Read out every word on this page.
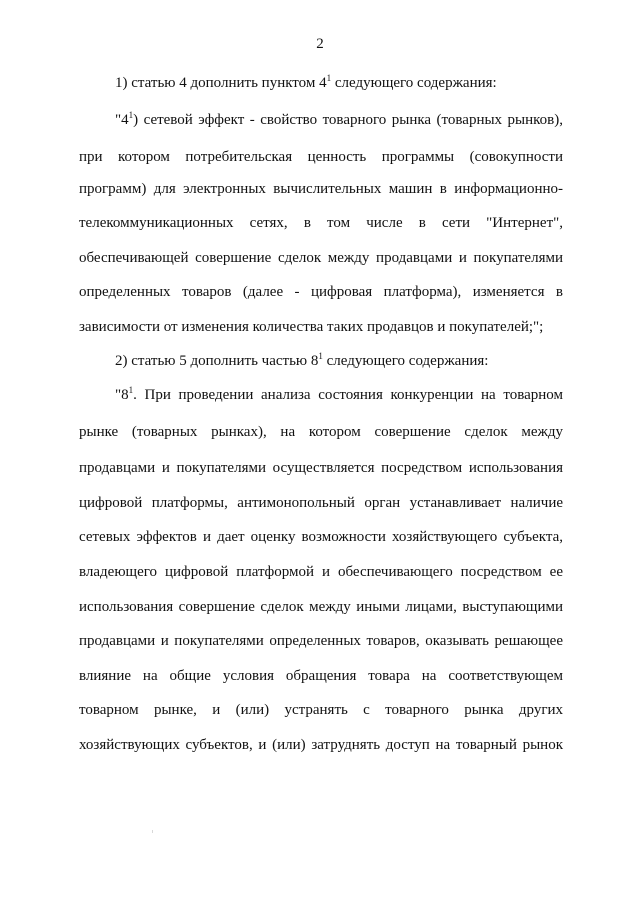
2
1) статью 4 дополнить пунктом $4^1$ следующего содержания:
"$4^1$) сетевой эффект - свойство товарного рынка (товарных рынков),
при котором потребительская ценность программы (совокупности
программ) для электронных вычислительных машин в информационно-
телекоммуникационных сетях, в том числе в сети "Интернет",
обеспечивающей совершение сделок между продавцами и покупателями
определенных товаров (далее - цифровая платформа), изменяется в
зависимости от изменения количества таких продавцов и покупателей;";
2) статью 5 дополнить частью $8^1$ следующего содержания:
"$8^1$. При проведении анализа состояния конкуренции на товарном
рынке (товарных рынках), на котором совершение сделок между
продавцами и покупателями осуществляется посредством использования
цифровой платформы, антимонопольный орган устанавливает наличие
сетевых эффектов и дает оценку возможности хозяйствующего субъекта,
владеющего цифровой платформой и обеспечивающего посредством ее
использования совершение сделок между иными лицами, выступающими
продавцами и покупателями определенных товаров, оказывать решающее
влияние на общие условия обращения товара на соответствующем
товарном рынке, и (или) устранять с товарного рынка других
хозяйствующих субъектов, и (или) затруднять доступ на товарный рынок
